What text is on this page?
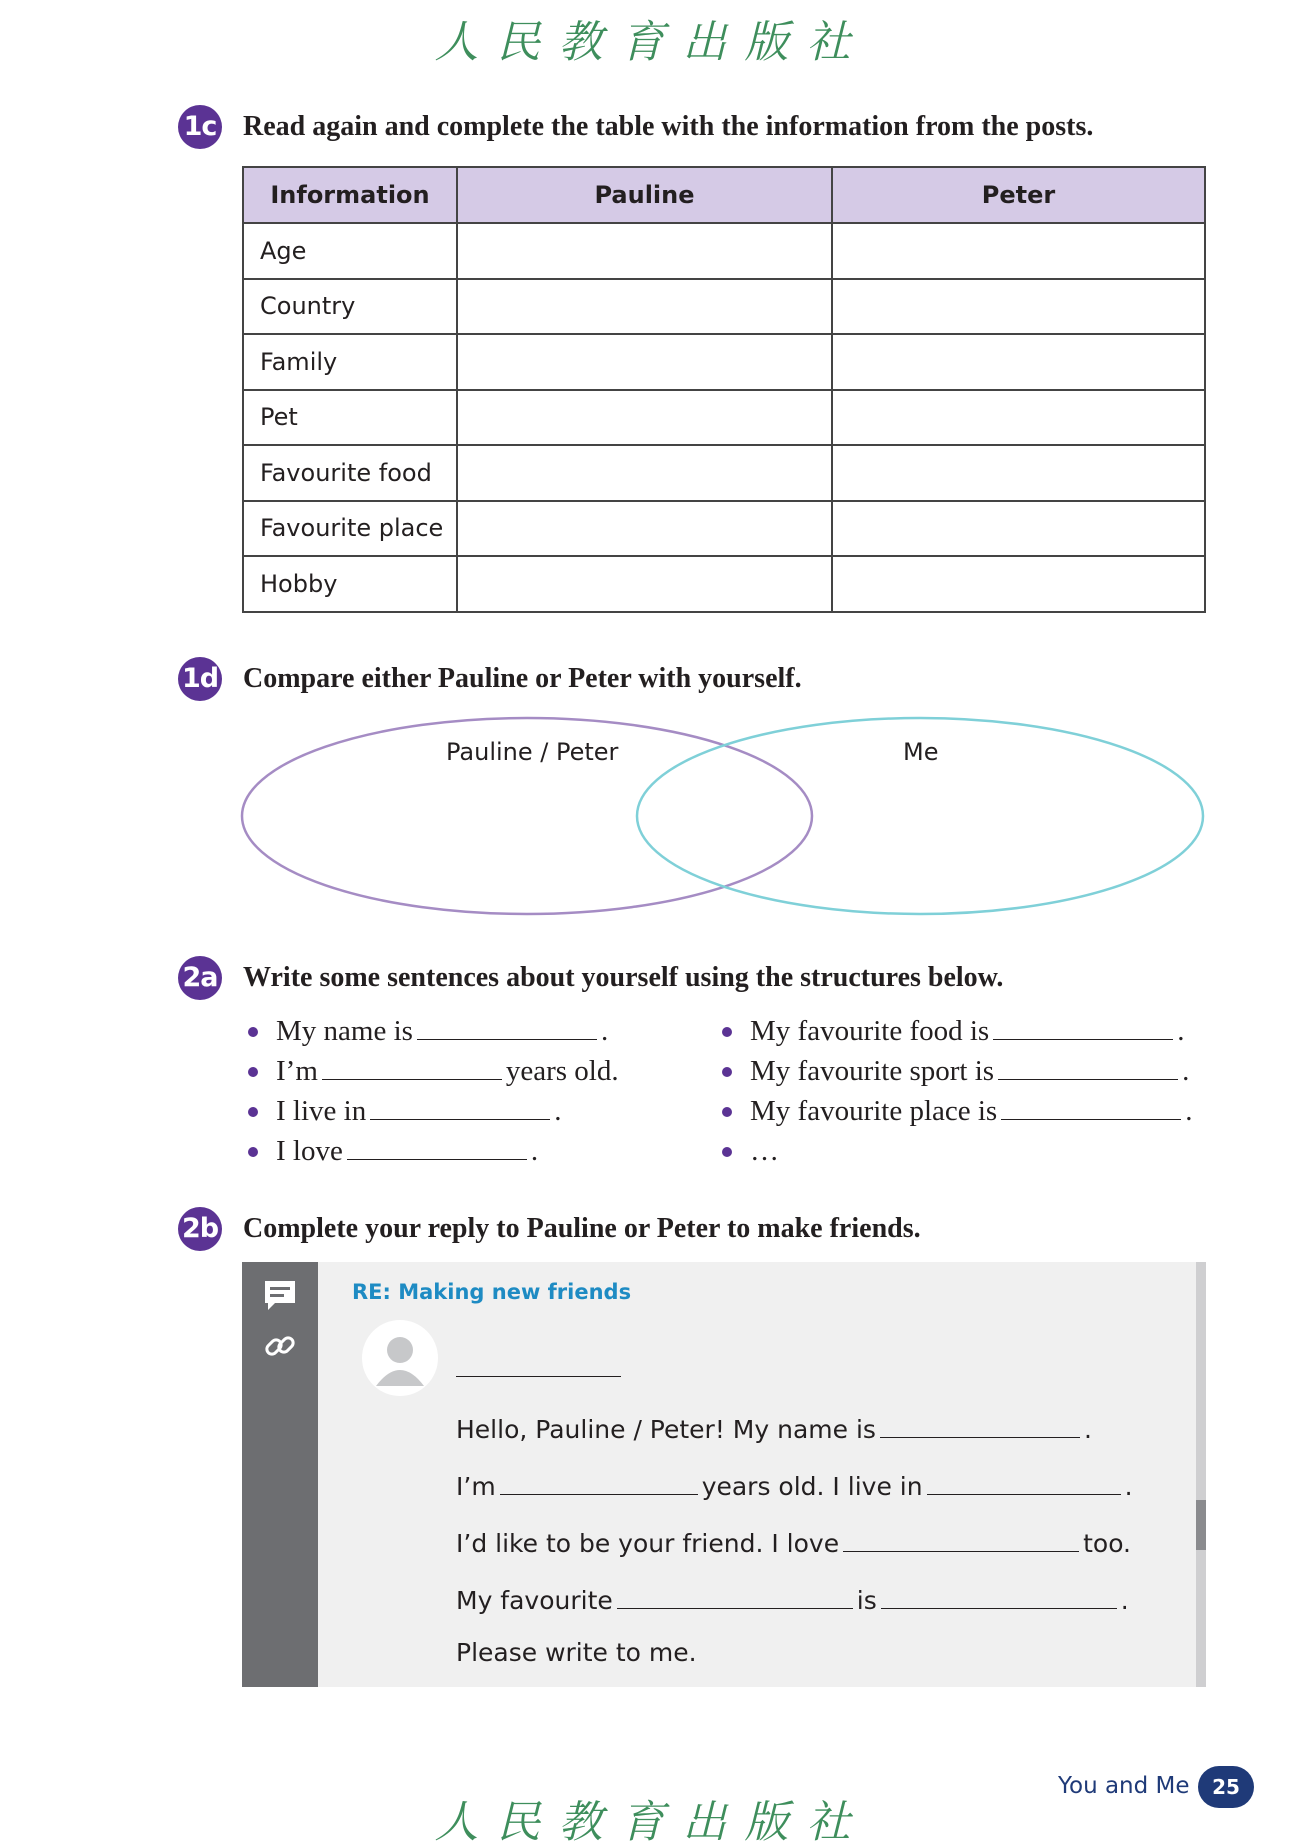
人民教育出版社
1c Read again and complete the table with the information from the posts.
Information	Pauline	Peter
Age		
Country		
Family		
Pet		
Favourite food		
Favourite place		
Hobby		
1d Compare either Pauline or Peter with yourself.
Pauline / Peter	Me
2a Write some sentences about yourself using the structures below.
My name is	.
I’m	years old.
I live in	.
I love	.
My favourite food is	.
My favourite sport is	.
My favourite place is	.
…
2b Complete your reply to Pauline or Peter to make friends.
RE: Making new friends
Hello, Pauline / Peter! My name is	.
I’m	years old. I live in	.
I’d like to be your friend. I love	too.
My favourite	is	.
Please write to me.
You and Me	25
人民教育出版社
